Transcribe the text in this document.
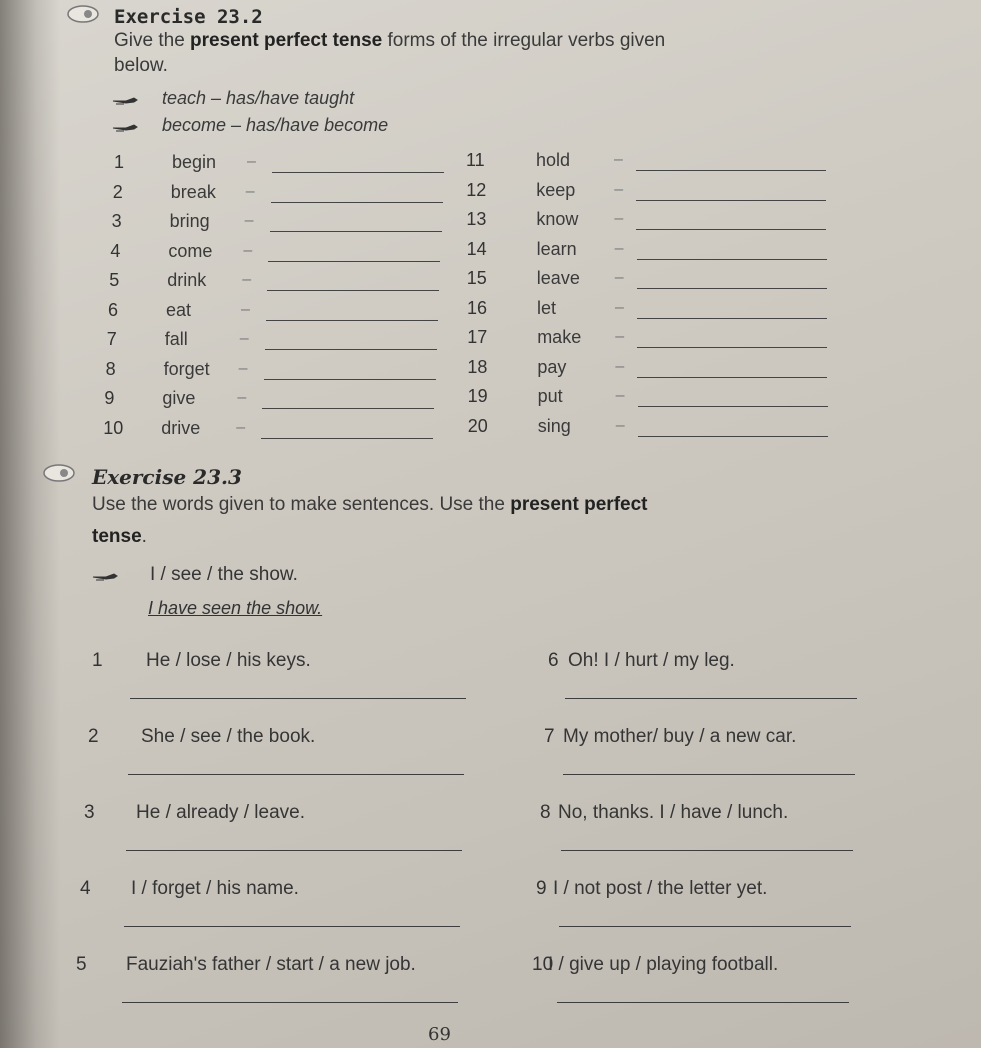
Exercise 23.2
Give the present perfect tense forms of the irregular verbs given
below.
teach – has/have taught
become – has/have become
1	begin –
2	break –
3	bring –
4	come –
5	drink –
6	eat	–
7	fall	–
8	forget –
9	give	–
10 drive –
11	hold	–
12	keep –
13	know –
14	learn –
15	leave –
16	let	–
17	make –
18	pay	–
19	put	–
20	sing	–
Exercise 23.3
Use the words given to make sentences. Use the present perfect
tense.
I / see / the show.
I have seen the show.
1 He / lose / his keys.
2 She / see / the book.
3 He / already / leave.
4 I / forget / his name.
5 Fauziah's father / start / a new job.
6 Oh! I / hurt / my leg.
7 My mother/ buy / a new car.
8 No, thanks. I / have / lunch.
9 I / not post / the letter yet.
10
I / give up / playing football.
69
